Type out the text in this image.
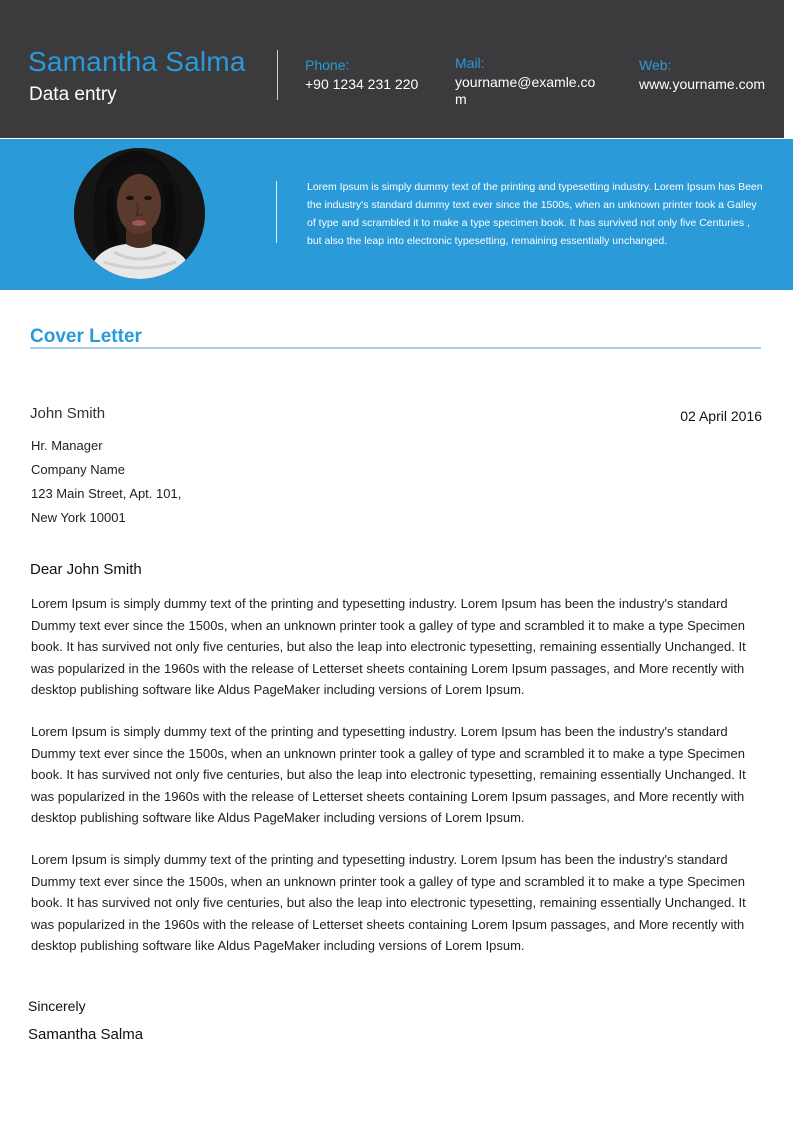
Samantha Salma
Data entry
Phone:
+90 1234 231 220
Mail:
yourname@examle.co​m
Web:
www.yourname.com
Lorem Ipsum is simply dummy text of the printing and typesetting industry. Lorem Ipsum has Been the industry's standard dummy text ever since the 1500s, when an unknown printer took a Galley of type and scrambled it to make a type specimen book. It has survived not only five Centuries , but also the leap into electronic typesetting, remaining essentially unchanged.
Cover Letter
John Smith	02 April 2016
Hr. Manager
Company Name
123 Main Street, Apt. 101,
New York 10001
Dear John Smith
Lorem Ipsum is simply dummy text of the printing and typesetting industry. Lorem Ipsum has been the industry's standard Dummy text ever since the 1500s, when an unknown printer took a galley of type and scrambled it to make a type Specimen book. It has survived not only five centuries, but also the leap into electronic typesetting, remaining essentially Unchanged. It was popularized in the 1960s with the release of Letterset sheets containing Lorem Ipsum passages, and More recently with desktop publishing software like Aldus PageMaker including versions of Lorem Ipsum.
Lorem Ipsum is simply dummy text of the printing and typesetting industry. Lorem Ipsum has been the industry's standard Dummy text ever since the 1500s, when an unknown printer took a galley of type and scrambled it to make a type Specimen book. It has survived not only five centuries, but also the leap into electronic typesetting, remaining essentially Unchanged. It was popularized in the 1960s with the release of Letterset sheets containing Lorem Ipsum passages, and More recently with desktop publishing software like Aldus PageMaker including versions of Lorem Ipsum.
Lorem Ipsum is simply dummy text of the printing and typesetting industry. Lorem Ipsum has been the industry's standard Dummy text ever since the 1500s, when an unknown printer took a galley of type and scrambled it to make a type Specimen book. It has survived not only five centuries, but also the leap into electronic typesetting, remaining essentially Unchanged. It was popularized in the 1960s with the release of Letterset sheets containing Lorem Ipsum passages, and More recently with desktop publishing software like Aldus PageMaker including versions of Lorem Ipsum.
Sincerely
Samantha Salma
